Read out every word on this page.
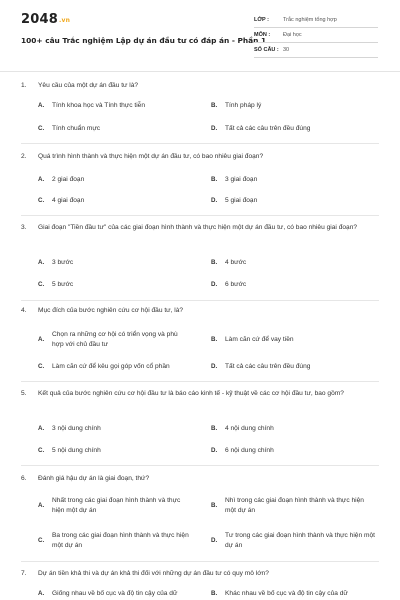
2048.vn
100+ câu Trắc nghiệm Lập dự án đầu tư có đáp án - Phần 1
LỚP :	Trắc nghiệm tổng hợp
MÔN : Đại học
SỐ CÂU : 30
1.	Yêu cầu của một dự án đầu tư là?
A.	Tính khoa học và Tính thực tiễn	B.	Tính pháp lý
C.	Tính chuẩn mực	D.	Tất cả các câu trên đều đúng
2.	Quá trình hình thành và thực hiện một dự án đầu tư, có bao nhiêu giai đoạn?
A.	2 giai đoạn	B.	3 giai đoạn
C.	4 giai đoạn	D.	5 giai đoạn
3.	Giai đoạn "Tiền đầu tư" của các giai đoạn hình thành và thực hiện một dự án đầu tư, có bao nhiêu giai đoạn?
A.	3 bước	B.	4 bước
C.	5 bước	D.	6 bước
4.	Mục đích của bước nghiên cứu cơ hội đầu tư, là?
A.
Chọn ra những cơ hội có triển vọng và phù hợp với chủ đầu tư
B.	Làm căn cứ để vay tiền
C.	Làm căn cứ để kêu gọi góp vốn cổ phần	D.	Tất cả các câu trên đều đúng
5.	Kết quả của bước nghiên cứu cơ hội đầu tư là báo cáo kinh tế - kỹ thuật về các cơ hội đầu tư, bao gồm?
A.	3 nội dung chính	B.	4 nội dung chính
C.	5 nội dung chính	D.	6 nội dung chính
6.	Đánh giá hậu dự án là giai đoạn, thứ?
A.
Nhất trong các giai đoạn hình thành và thực hiện một dự án
B.
Nhì trong các giai đoạn hình thành và thực hiện một dự án
C.
Ba trong các giai đoạn hình thành và thực hiện một dự án
D.
Tư trong các giai đoạn hình thành và thực hiện một dự án
7.	Dự án tiền khả thi và dự án khả thi đối với những dự án đầu tư có quy mô lớn?
A.	Giống nhau về bố cục và độ tin cậy của dữ	B.	Khác nhau về bố cục và độ tin cậy của dữ
